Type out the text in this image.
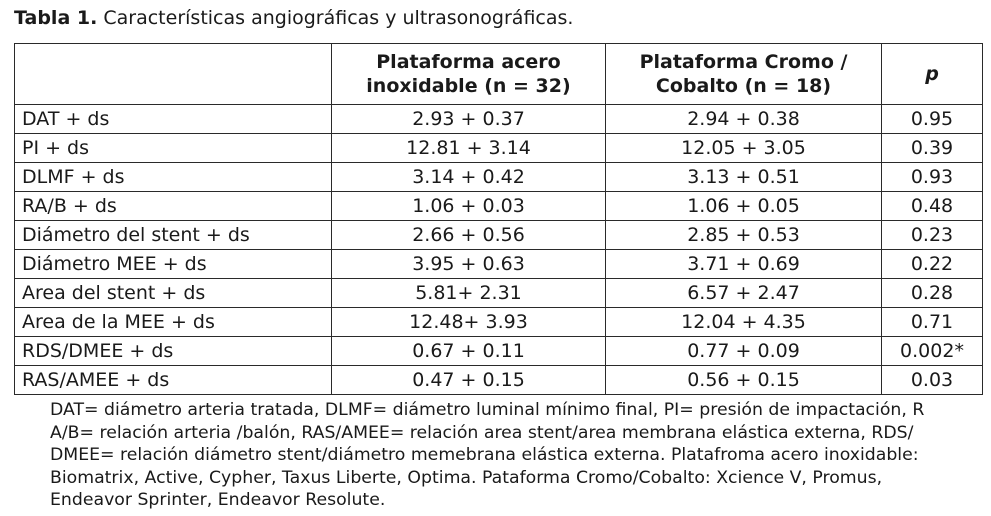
Tabla 1. Características angiográficas y ultrasonográficas.
	Plataforma acero inoxidable (n = 32)	Plataforma Cromo / Cobalto (n = 18)	p
DAT + ds	2.93 + 0.37	2.94 + 0.38	0.95
PI + ds	12.81 + 3.14	12.05 + 3.05	0.39
DLMF + ds	3.14 + 0.42	3.13 + 0.51	0.93
RA/B + ds	1.06 + 0.03	1.06 + 0.05	0.48
Diámetro del stent + ds	2.66 + 0.56	2.85 + 0.53	0.23
Diámetro MEE + ds	3.95 + 0.63	3.71 + 0.69	0.22
Area del stent + ds	5.81+ 2.31	6.57 + 2.47	0.28
Area de la MEE + ds	12.48+ 3.93	12.04 + 4.35	0.71
RDS/DMEE + ds	0.67 + 0.11	0.77 + 0.09	0.002*
RAS/AMEE + ds	0.47 + 0.15	0.56 + 0.15	0.03
DAT= diámetro arteria tratada, DLMF= diámetro luminal mínimo final, PI= presión de impactación, R
A/B= relación arteria /balón, RAS/AMEE= relación area stent/area membrana elástica externa, RDS/
DMEE= relación diámetro stent/diámetro memebrana elástica externa. Platafroma acero inoxidable:
Biomatrix, Active, Cypher, Taxus Liberte, Optima. Pataforma Cromo/Cobalto: Xcience V, Promus,
Endeavor Sprinter, Endeavor Resolute.
